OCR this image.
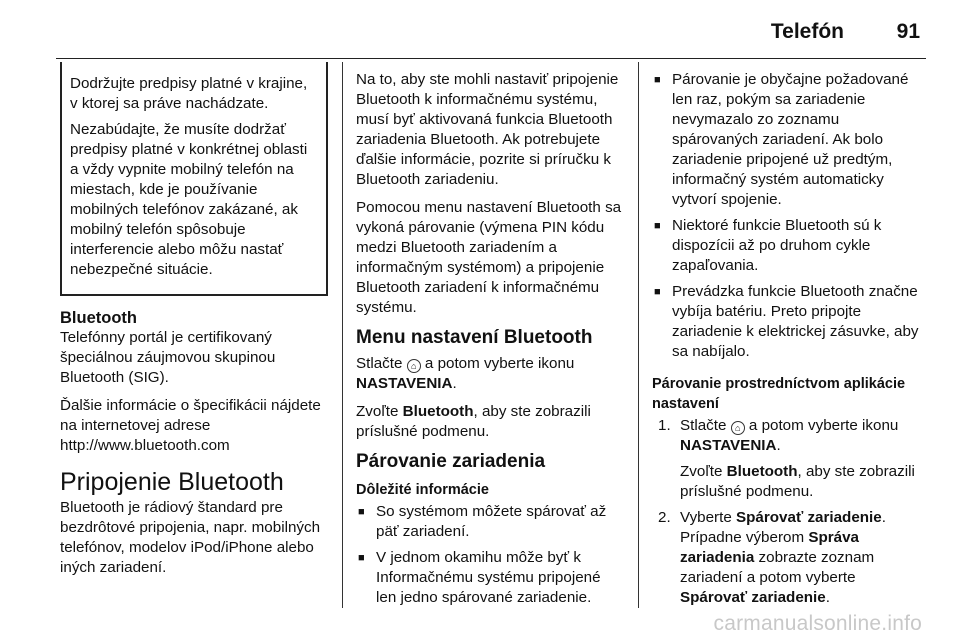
Telefón	91

Dodržujte predpisy platné v krajine, v ktorej sa práve nachádzate.

Nezabúdajte, že musíte dodržať predpisy platné v konkrétnej oblasti a vždy vypnite mobilný telefón na miestach, kde je používanie mobilných telefónov zakázané, ak mobilný telefón spôsobuje interferencie alebo môžu nastať nebezpečné situácie.

Bluetooth

Telefónny portál je certifikovaný špeciálnou záujmovou skupinou Bluetooth (SIG).

Ďalšie informácie o špecifikácii nájdete na internetovej adrese http://www.bluetooth.com

Pripojenie Bluetooth

Bluetooth je rádiový štandard pre bezdrôtové pripojenia, napr. mobilných telefónov, modelov iPod/iPhone alebo iných zariadení.

Na to, aby ste mohli nastaviť pripojenie Bluetooth k informačnému systému, musí byť aktivovaná funkcia Bluetooth zariadenia Bluetooth. Ak potrebujete ďalšie informácie, pozrite si príručku k Bluetooth zariadeniu.

Pomocou menu nastavení Bluetooth sa vykoná párovanie (výmena PIN kódu medzi Bluetooth zariadením a informačným systémom) a pripojenie Bluetooth zariadení k informačnému systému.

Menu nastavení Bluetooth

Stlačte ⌂ a potom vyberte ikonu NASTAVENIA.

Zvoľte Bluetooth, aby ste zobrazili príslušné podmenu.

Párovanie zariadenia
Dôležité informácie
■ So systémom môžete spárovať až päť zariadení.
■ V jednom okamihu môže byť k Informačnému systému pripojené len jedno spárované zariadenie.
■ Párovanie je obyčajne požadované len raz, pokým sa zariadenie nevymazalo zo zoznamu spárovaných zariadení. Ak bolo zariadenie pripojené už predtým, informačný systém automaticky vytvorí spojenie.
■ Niektoré funkcie Bluetooth sú k dispozícii až po druhom cykle zapaľovania.
■ Prevádzka funkcie Bluetooth značne vybíja batériu. Preto pripojte zariadenie k elektrickej zásuvke, aby sa nabíjalo.
Párovanie prostredníctvom aplikácie nastavení
1. Stlačte ⌂ a potom vyberte ikonu NASTAVENIA.

Zvoľte Bluetooth, aby ste zobrazili príslušné podmenu.

2. Vyberte Spárovať zariadenie. Prípadne výberom Správa zariadenia zobrazte zoznam zariadení a potom vyberte Spárovať zariadenie.
carmanualsonline.info
